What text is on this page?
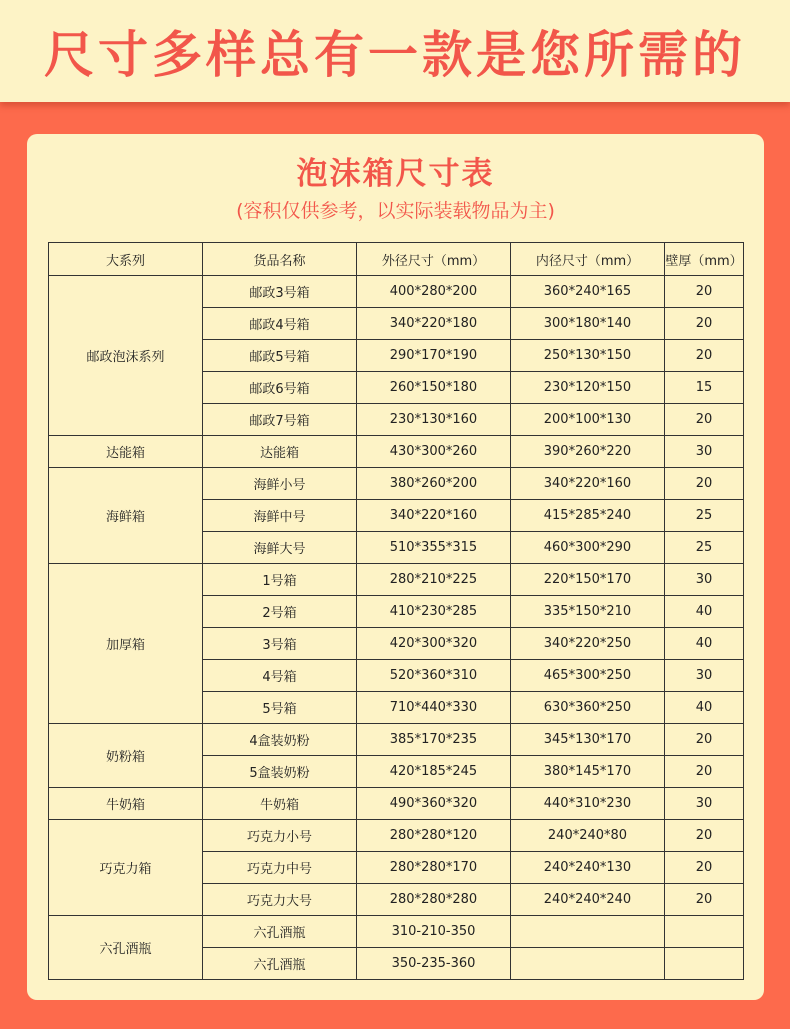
尺寸多样总有一款是您所需的
泡沫箱尺寸表

(容积仅供参考，以实际装载物品为主)

大系列	货品名称	外径尺寸（mm）	内径尺寸（mm）	壁厚（mm）
邮政泡沫系列	邮政3号箱	400*280*200	360*240*165	20
	邮政4号箱	340*220*180	300*180*140	20
	邮政5号箱	290*170*190	250*130*150	20
	邮政6号箱	260*150*180	230*120*150	15
	邮政7号箱	230*130*160	200*100*130	20
达能箱	达能箱	430*300*260	390*260*220	30
海鲜箱	海鲜小号	380*260*200	340*220*160	20
	海鲜中号	340*220*160	415*285*240	25
	海鲜大号	510*355*315	460*300*290	25
加厚箱	1号箱	280*210*225	220*150*170	30
	2号箱	410*230*285	335*150*210	40
	3号箱	420*300*320	340*220*250	40
	4号箱	520*360*310	465*300*250	30
	5号箱	710*440*330	630*360*250	40
奶粉箱	4盒装奶粉	385*170*235	345*130*170	20
	5盒装奶粉	420*185*245	380*145*170	20
牛奶箱	牛奶箱	490*360*320	440*310*230	30
巧克力箱	巧克力小号	280*280*120	240*240*80	20
	巧克力中号	280*280*170	240*240*130	20
	巧克力大号	280*280*280	240*240*240	20
六孔酒瓶	六孔酒瓶	310-210-350		
	六孔酒瓶	350-235-360		
